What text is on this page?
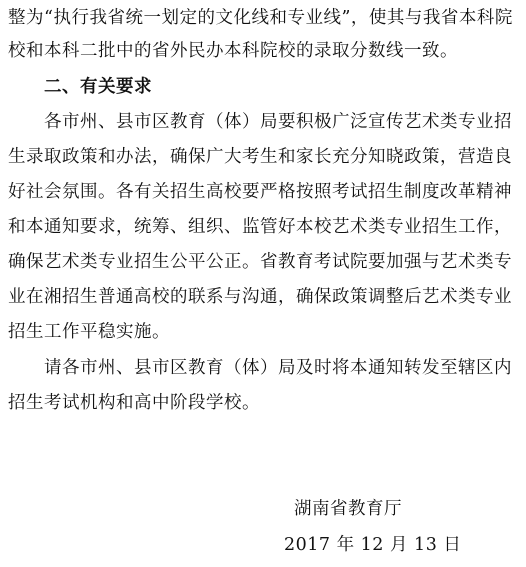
整为“执行我省统一划定的文化线和专业线”，使其与我省本科院
校和本科二批中的省外民办本科院校的录取分数线一致。
二、有关要求
各市州、县市区教育（体）局要积极广泛宣传艺术类专业招
生录取政策和办法，确保广大考生和家长充分知晓政策，营造良
好社会氛围。各有关招生高校要严格按照考试招生制度改革精神
和本通知要求，统筹、组织、监管好本校艺术类专业招生工作，
确保艺术类专业招生公平公正。省教育考试院要加强与艺术类专
业在湘招生普通高校的联系与沟通，确保政策调整后艺术类专业
招生工作平稳实施。
请各市州、县市区教育（体）局及时将本通知转发至辖区内
招生考试机构和高中阶段学校。
湖南省教育厅
2017 年 12 月 13 日
